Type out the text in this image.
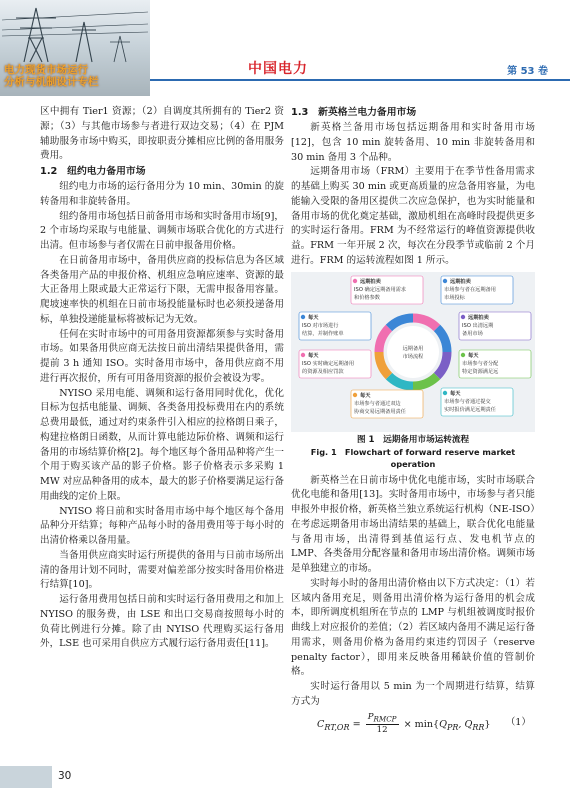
电力现货市场运行
分析与机制设计专栏
中国电力	第 53 卷

区中拥有 Tier1 资源；（2）自调度其所拥有的 Tier2 资源；（3）与其他市场参与者进行双边交易；（4）在 PJM 辅助服务市场中购买，即按职责分摊相应比例的备用服务费用。

1.2　纽约电力备用市场

纽约电力市场的运行备用分为 10 min、30min 的旋转备用和非旋转备用。

纽约备用市场包括日前备用市场和实时备用市场[9]，2 个市场均采取与电能量、调频市场联合优化的方式进行出清。但市场参与者仅需在日前申报备用价格。

在日前备用市场中，备用供应商的投标信息为各区域各类备用产品的申报价格、机组应急响应速率、资源的最大正备用上限或最大正常运行下限，无需申报备用容量。爬坡速率快的机组在日前市场投能量标时也必须投递备用标，单独投递能量标将被标记为无效。

任何在实时市场中的可用备用资源都须参与实时备用市场。如果备用供应商无法按日前出清结果提供备用，需提前 3 h 通知 ISO。实时备用市场中，备用供应商不用进行再次报价，所有可用备用资源的报价会被设为零。

NYISO 采用电能、调频和运行备用同时优化，优化目标为包括电能量、调频、各类备用投标费用在内的系统总费用最低，通过对约束条件引入相应的拉格朗日乘子，构建拉格朗日函数，从而计算电能边际价格、调频和运行备用的市场结算价格[2]。每个地区每个备用品种将产生一个用于购买该产品的影子价格。影子价格表示多采购 1 MW 对应品种备用的成本，最大的影子价格要满足运行备用曲线的定价上限。

NYISO 将日前和实时备用市场中每个地区每个备用品种分开结算；每种产品每小时的备用费用等于每小时的出清价格乘以备用量。

当备用供应商实时运行所提供的备用与日前市场所出清的备用计划不同时，需要对偏差部分按实时备用价格进行结算[10]。

运行备用费用包括日前和实时运行备用费用之和加上 NYISO 的服务费，由 LSE 和出口交易商按照每小时的负荷比例进行分摊。除了由 NYISO 代理购买运行备用外，LSE 也可采用自供应方式履行运行备用责任[11]。

1.3　新英格兰电力备用市场

新英格兰备用市场包括远期备用和实时备用市场[12]，包含 10 min 旋转备用、10 min 非旋转备用和 30 min 备用 3 个品种。

远期备用市场（FRM）主要用于在季节性备用需求的基础上购买 30 min 或更高质量的应急备用容量，为电能输入受限的备用区提供二次应急保护，也为实时能量和备用市场的优化奠定基础，激励机组在高峰时段提供更多的实时运行备用。FRM 为不经常运行的峰值资源提供收益。FRM 一年开展 2 次，每次在分段季节或临前 2 个月进行。FRM 的运转流程如图 1 所示。

远期备用
市场流程
远期拍卖
ISO 确定远期备用需求
和价格参数
远期拍卖
市场参与者在远期备用
市场投标
远期拍卖
ISO 出清远期
备用市场
每天
市场参与者分配
特定资源满足远
每天
市场参与者通过提交
实时报价满足远期责任
每天
市场参与者通过双边
协商交易远期备用责任
每天
ISO 实时确定远期备用
的资源及相应罚款
每天
ISO 对市场进行
结算，并制作账单
图 1　远期备用市场运转流程
Fig. 1　Flowchart of forward reserve market operation

新英格兰在日前市场中优化电能市场，实时市场联合优化电能和备用[13]。实时备用市场中，市场参与者只能申报外申报价格，新英格兰独立系统运行机构（NE-ISO）在考虑远期备用市场出清结果的基础上，联合优化电能量与备用市场，出清得到基值运行点、发电机节点的 LMP、各类备用分配容量和备用市场出清价格。调频市场是单独建立的市场。

实时每小时的备用出清价格由以下方式决定：（1）若区域内备用充足，则备用出清价格为运行备用的机会成本，即所调度机组所在节点的 LMP 与机组被调度时报价曲线上对应报价的差值；（2）若区域内备用不满足运行备用需求，则备用价格为备用约束违约罚因子（reserve penalty factor），即用来反映备用稀缺价值的管制价格。

实时运行备用以 5 min 为一个周期进行结算，结算方式为

$C_{RT,OR} = \frac{P_{RMCP}}{12} \times \min\{Q_{PR}$, $Q_{RR}$} （1）
30
